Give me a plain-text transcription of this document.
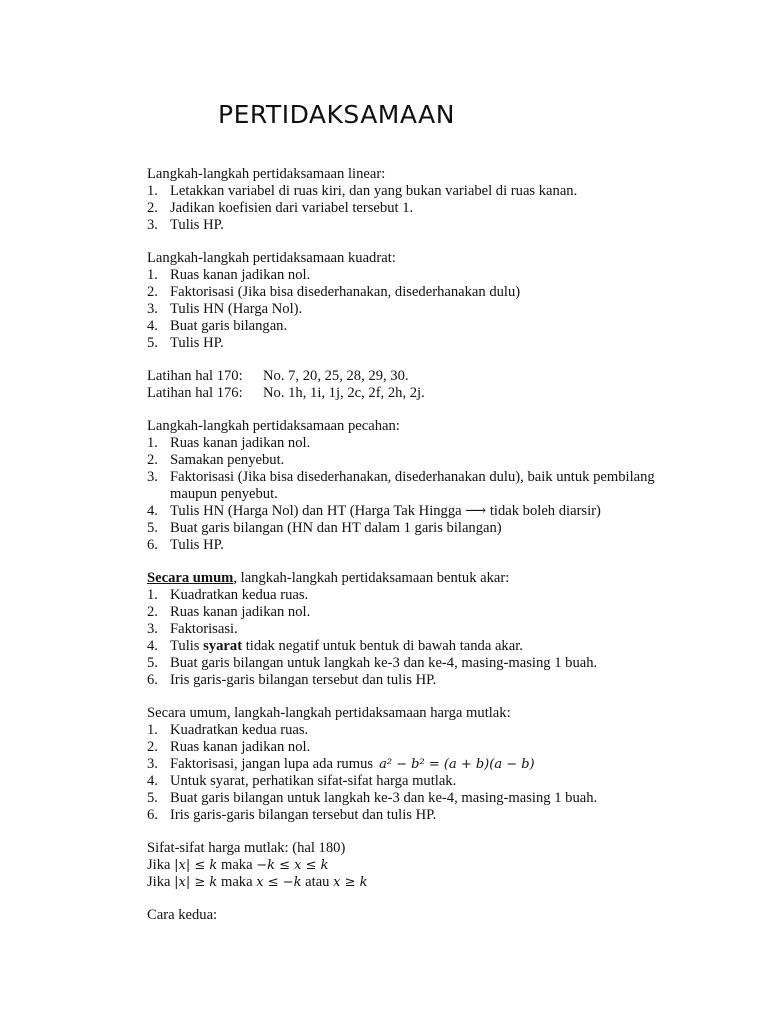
PERTIDAKSAMAAN
Langkah-langkah pertidaksamaan linear:
1. Letakkan variabel di ruas kiri, dan yang bukan variabel di ruas kanan.
2. Jadikan koefisien dari variabel tersebut 1.
3. Tulis HP.
Langkah-langkah pertidaksamaan kuadrat:
1. Ruas kanan jadikan nol.
2. Faktorisasi (Jika bisa disederhanakan, disederhanakan dulu)
3. Tulis HN (Harga Nol).
4. Buat garis bilangan.
5. Tulis HP.
Latihan hal 170:	No. 7, 20, 25, 28, 29, 30.
Latihan hal 176:	No. 1h, 1i, 1j, 2c, 2f, 2h, 2j.
Langkah-langkah pertidaksamaan pecahan:
1. Ruas kanan jadikan nol.
2. Samakan penyebut.
3. Faktorisasi (Jika bisa disederhanakan, disederhanakan dulu), baik untuk pembilang maupun penyebut.
4. Tulis HN (Harga Nol) dan HT (Harga Tak Hingga ⟶ tidak boleh diarsir)
5. Buat garis bilangan (HN dan HT dalam 1 garis bilangan)
6. Tulis HP.
Secara umum, langkah-langkah pertidaksamaan bentuk akar:
1. Kuadratkan kedua ruas.
2. Ruas kanan jadikan nol.
3. Faktorisasi.
4. Tulis syarat tidak negatif untuk bentuk di bawah tanda akar.
5. Buat garis bilangan untuk langkah ke-3 dan ke-4, masing-masing 1 buah.
6. Iris garis-garis bilangan tersebut dan tulis HP.
Secara umum, langkah-langkah pertidaksamaan harga mutlak:
1. Kuadratkan kedua ruas.
2. Ruas kanan jadikan nol.
3. Faktorisasi, jangan lupa ada rumus a² − b² = (a + b)(a − b)
4. Untuk syarat, perhatikan sifat-sifat harga mutlak.
5. Buat garis bilangan untuk langkah ke-3 dan ke-4, masing-masing 1 buah.
6. Iris garis-garis bilangan tersebut dan tulis HP.
Sifat-sifat harga mutlak: (hal 180)
Jika |x| ≤ k maka −k ≤ x ≤ k
Jika |x| ≥ k maka x ≤ −k atau x ≥ k
Cara kedua:
